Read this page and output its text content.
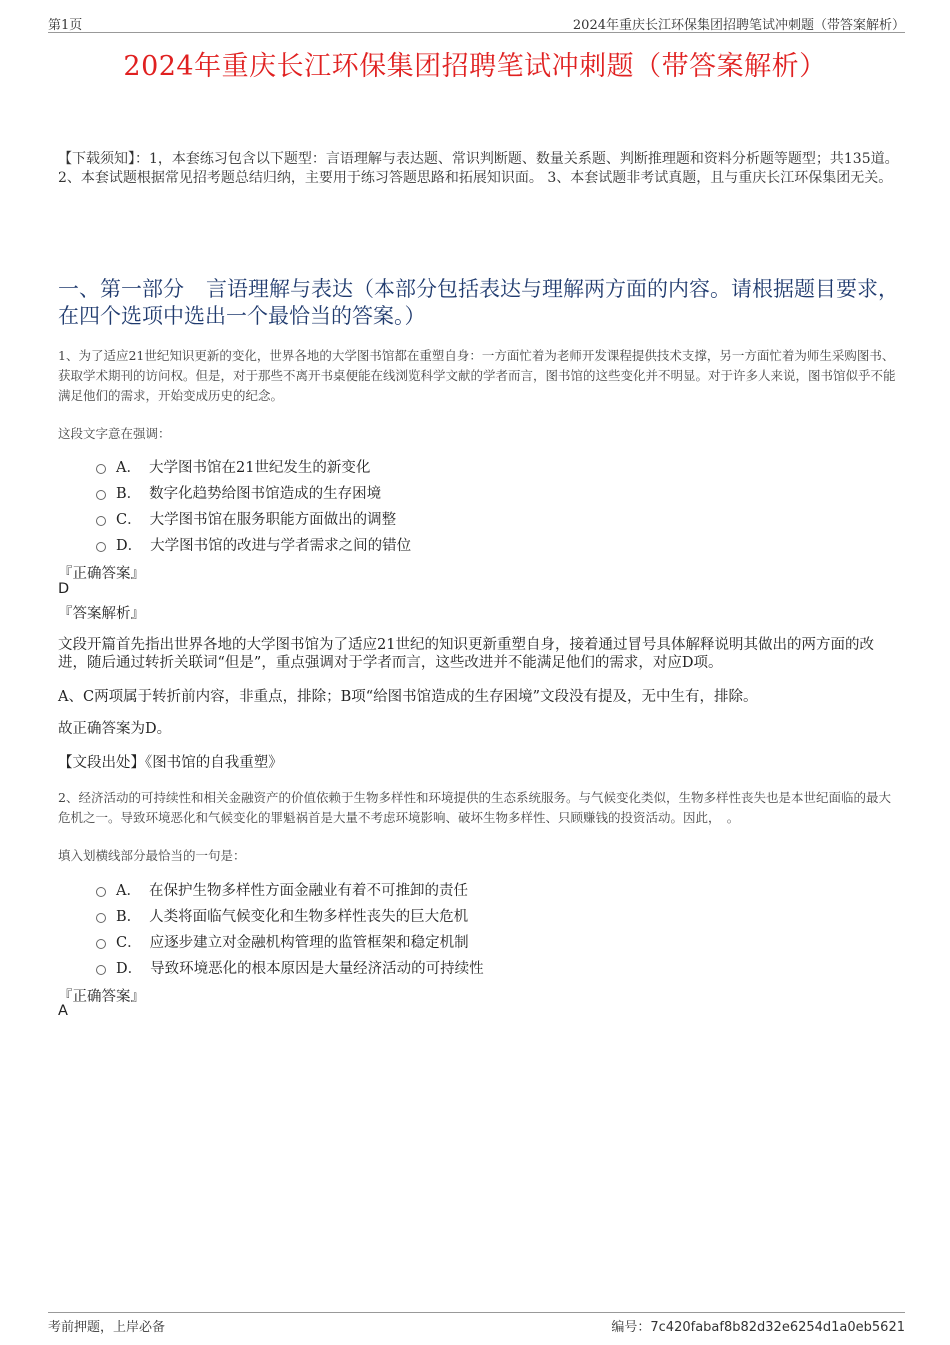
第1页	2024年重庆长江环保集团招聘笔试冲刺题（带答案解析）
2024年重庆长江环保集团招聘笔试冲刺题（带答案解析）
【下载须知】：1，本套练习包含以下题型：言语理解与表达题、常识判断题、数量关系题、判断推理题和资料分析题等题型；共135道。 2、本套试题根据常见招考题总结归纳，主要用于练习答题思路和拓展知识面。 3、本套试题非考试真题，且与重庆长江环保集团无关。
一、第一部分 言语理解与表达（本部分包括表达与理解两方面的内容。请根据题目要求，在四个选项中选出一个最恰当的答案。）
1、为了适应21世纪知识更新的变化，世界各地的大学图书馆都在重塑自身：一方面忙着为老师开发课程提供技术支撑，另一方面忙着为师生采购图书、获取学术期刊的访问权。但是，对于那些不离开书桌便能在线浏览科学文献的学者而言，图书馆的这些变化并不明显。对于许多人来说，图书馆似乎不能满足他们的需求，开始变成历史的纪念。
这段文字意在强调：
A． 大学图书馆在21世纪发生的新变化
B． 数字化趋势给图书馆造成的生存困境
C． 大学图书馆在服务职能方面做出的调整
D． 大学图书馆的改进与学者需求之间的错位
『正确答案』
D
『答案解析』
文段开篇首先指出世界各地的大学图书馆为了适应21世纪的知识更新重塑自身，接着通过冒号具体解释说明其做出的两方面的改进，随后通过转折关联词“但是”，重点强调对于学者而言，这些改进并不能满足他们的需求，对应D项。
A、C两项属于转折前内容，非重点，排除；B项“给图书馆造成的生存困境”文段没有提及，无中生有，排除。
故正确答案为D。
【文段出处】《图书馆的自我重塑》
2、经济活动的可持续性和相关金融资产的价值依赖于生物多样性和环境提供的生态系统服务。与气候变化类似，生物多样性丧失也是本世纪面临的最大危机之一。导致环境恶化和气候变化的罪魁祸首是大量不考虑环境影响、破坏生物多样性、只顾赚钱的投资活动。因此，　。
填入划横线部分最恰当的一句是：
A． 在保护生物多样性方面金融业有着不可推卸的责任
B． 人类将面临气候变化和生物多样性丧失的巨大危机
C． 应逐步建立对金融机构管理的监管框架和稳定机制
D． 导致环境恶化的根本原因是大量经济活动的可持续性
『正确答案』
A
考前押题，上岸必备	编号：7c420fabaf8b82d32e6254d1a0eb5621
